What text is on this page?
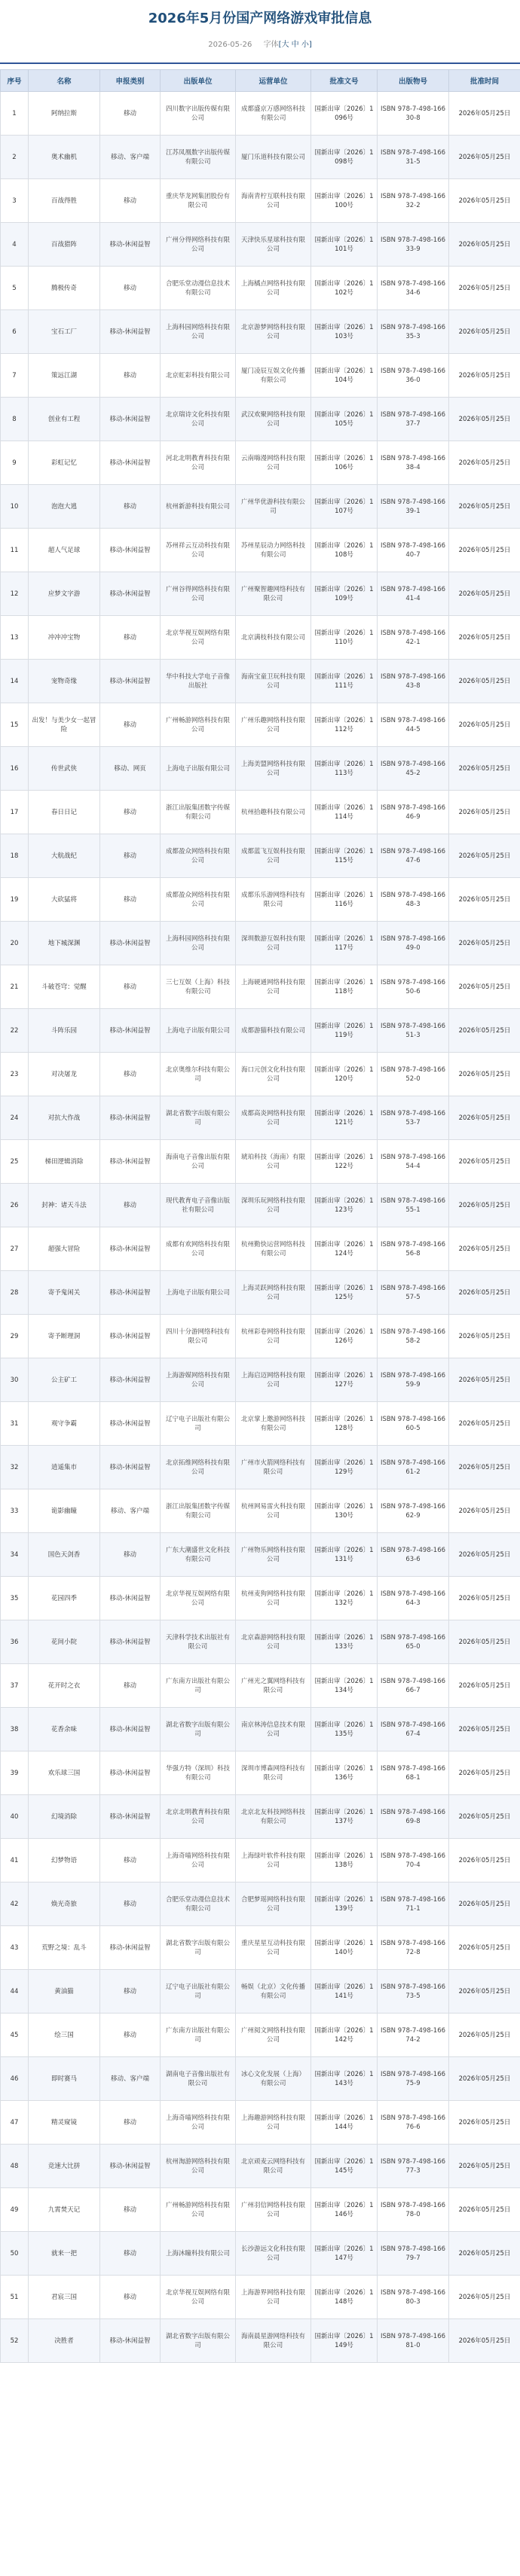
2026年5月份国产网络游戏审批信息
2026-05-26 字体[大 中 小]
序号	名称	申报类别	出版单位	运营单位	批准文号	出版物号	批准时间
1	阿纳拉斯	移动	四川数字出版传媒有限公司	成都盛京万感网络科技有限公司	国新出审〔2026〕1096号	ISBN 978-7-498-16630-8	2026年05月25日
2	奥术幽机	移动、客户端	江苏凤凰数字出版传媒有限公司	厦门乐道科技有限公司	国新出审〔2026〕1098号	ISBN 978-7-498-16631-5	2026年05月25日
3	百战得胜	移动	重庆华龙网集团股份有限公司	海南青柠互联科技有限公司	国新出审〔2026〕1100号	ISBN 978-7-498-16632-2	2026年05月25日
4	百战猎阵	移动-休闲益智	广州分得网络科技有限公司	天津快乐星球科技有限公司	国新出审〔2026〕1101号	ISBN 978-7-498-16633-9	2026年05月25日
5	腾极传奇	移动	合肥乐堂动漫信息技术有限公司	上海橘点网络科技有限公司	国新出审〔2026〕1102号	ISBN 978-7-498-16634-6	2026年05月25日
6	宝石工厂	移动-休闲益智	上海科园网络科技有限公司	北京游梦网络科技有限公司	国新出审〔2026〕1103号	ISBN 978-7-498-16635-3	2026年05月25日
7	策远江湖	移动	北京虹彩科技有限公司	厦门凌辰互娱文化传播有限公司	国新出审〔2026〕1104号	ISBN 978-7-498-16636-0	2026年05月25日
8	创业有工程	移动-休闲益智	北京瑞诗文化科技有限公司	武汉欢聚网络科技有限公司	国新出审〔2026〕1105号	ISBN 978-7-498-16637-7	2026年05月25日
9	彩虹记忆	移动-休闲益智	河北北明教育科技有限公司	云南嗨漫网络科技有限公司	国新出审〔2026〕1106号	ISBN 978-7-498-16638-4	2026年05月25日
10	泡泡大逃	移动	杭州新游科技有限公司	广州华优游科技有限公司	国新出审〔2026〕1107号	ISBN 978-7-498-16639-1	2026年05月25日
11	超人气足球	移动-休闲益智	苏州祥云互动科技有限公司	苏州星辰动力网络科技有限公司	国新出审〔2026〕1108号	ISBN 978-7-498-16640-7	2026年05月25日
12	应梦文字游	移动-休闲益智	广州谷得网络科技有限公司	广州聚智趣网络科技有限公司	国新出审〔2026〕1109号	ISBN 978-7-498-16641-4	2026年05月25日
13	冲冲冲宝物	移动	北京华视互娱网络有限公司	北京满枝科技有限公司	国新出审〔2026〕1110号	ISBN 978-7-498-16642-1	2026年05月25日
14	宠物奇缘	移动-休闲益智	华中科技大学电子音像出版社	海南宝童卫玩科技有限公司	国新出审〔2026〕1111号	ISBN 978-7-498-16643-8	2026年05月25日
15	出发！与美少女一起冒险	移动	广州畅游网络科技有限公司	广州乐趣网络科技有限公司	国新出审〔2026〕1112号	ISBN 978-7-498-16644-5	2026年05月25日
16	传世武侠	移动、网页	上海电子出版有限公司	上海美盟网络科技有限公司	国新出审〔2026〕1113号	ISBN 978-7-498-16645-2	2026年05月25日
17	春日日记	移动	浙江出版集团数字传媒有限公司	杭州拾趣科技有限公司	国新出审〔2026〕1114号	ISBN 978-7-498-16646-9	2026年05月25日
18	大航战纪	移动	成都盈众网络科技有限公司	成都蓝飞互娱科技有限公司	国新出审〔2026〕1115号	ISBN 978-7-498-16647-6	2026年05月25日
19	大砍猛将	移动	成都盈众网络科技有限公司	成都乐乐游网络科技有限公司	国新出审〔2026〕1116号	ISBN 978-7-498-16648-3	2026年05月25日
20	地下城深渊	移动-休闲益智	上海科园网络科技有限公司	深圳数游互娱科技有限公司	国新出审〔2026〕1117号	ISBN 978-7-498-16649-0	2026年05月25日
21	斗破苍穹：觉醒	移动	三七互娱（上海）科技有限公司	上海硬通网络科技有限公司	国新出审〔2026〕1118号	ISBN 978-7-498-16650-6	2026年05月25日
22	斗阵乐园	移动-休闲益智	上海电子出版有限公司	成都游猫科技有限公司	国新出审〔2026〕1119号	ISBN 978-7-498-16651-3	2026年05月25日
23	对决屠龙	移动	北京奥维尔科技有限公司	海口元创文化科技有限公司	国新出审〔2026〕1120号	ISBN 978-7-498-16652-0	2026年05月25日
24	对抗大作战	移动-休闲益智	湖北省数字出版有限公司	成都高炎网络科技有限公司	国新出审〔2026〕1121号	ISBN 978-7-498-16653-7	2026年05月25日
25	梯田逻辑消除	移动-休闲益智	海南电子音像出版有限公司	琥珀科技（海南）有限公司	国新出审〔2026〕1122号	ISBN 978-7-498-16654-4	2026年05月25日
26	封神：诸天斗法	移动	现代教育电子音像出版社有限公司	深圳乐玩网络科技有限公司	国新出审〔2026〕1123号	ISBN 978-7-498-16655-1	2026年05月25日
27	超强大冒险	移动-休闲益智	成都有欢网络科技有限公司	杭州勤快运营网络科技有限公司	国新出审〔2026〕1124号	ISBN 978-7-498-16656-8	2026年05月25日
28	寄予鬼闲关	移动-休闲益智	上海电子出版有限公司	上海灵跃网络科技有限公司	国新出审〔2026〕1125号	ISBN 978-7-498-16657-5	2026年05月25日
29	寄予断理洞	移动-休闲益智	四川十分游网络科技有限公司	杭州彩卷网络科技有限公司	国新出审〔2026〕1126号	ISBN 978-7-498-16658-2	2026年05月25日
30	公主矿工	移动-休闲益智	上海游媒网络科技有限公司	上海启迈网络科技有限公司	国新出审〔2026〕1127号	ISBN 978-7-498-16659-9	2026年05月25日
31	观守争霸	移动-休闲益智	辽宁电子出版社有限公司	北京掌上邀游网络科技有限公司	国新出审〔2026〕1128号	ISBN 978-7-498-16660-5	2026年05月25日
32	逍遥集市	移动-休闲益智	北京拓维网络科技有限公司	广州市火箭网络科技有限公司	国新出审〔2026〕1129号	ISBN 978-7-498-16661-2	2026年05月25日
33	诡影幽瞳	移动、客户端	浙江出版集团数字传媒有限公司	杭州网易雷火科技有限公司	国新出审〔2026〕1130号	ISBN 978-7-498-16662-9	2026年05月25日
34	国色天剑香	移动	广东大潮盛世文化科技有限公司	广州物乐网络科技有限公司	国新出审〔2026〕1131号	ISBN 978-7-498-16663-6	2026年05月25日
35	花园四季	移动-休闲益智	北京华视互娱网络有限公司	杭州麦狗网络科技有限公司	国新出审〔2026〕1132号	ISBN 978-7-498-16664-3	2026年05月25日
36	花间小院	移动-休闲益智	天津科学技术出版社有限公司	北京森游网络科技有限公司	国新出审〔2026〕1133号	ISBN 978-7-498-16665-0	2026年05月25日
37	花开时之衣	移动	广东南方出版社有限公司	广州光之翼网络科技有限公司	国新出审〔2026〕1134号	ISBN 978-7-498-16666-7	2026年05月25日
38	花香余味	移动-休闲益智	湖北省数字出版有限公司	南京林涛信息技术有限公司	国新出审〔2026〕1135号	ISBN 978-7-498-16667-4	2026年05月25日
39	欢乐球三国	移动-休闲益智	华强方特（深圳）科技有限公司	深圳市博森网络科技有限公司	国新出审〔2026〕1136号	ISBN 978-7-498-16668-1	2026年05月25日
40	幻境消除	移动-休闲益智	北京北明教育科技有限公司	北京北友科技网络科技有限公司	国新出审〔2026〕1137号	ISBN 978-7-498-16669-8	2026年05月25日
41	幻梦物语	移动	上海奇喵网络科技有限公司	上海绿叶软件科技有限公司	国新出审〔2026〕1138号	ISBN 978-7-498-16670-4	2026年05月25日
42	焕光奇旅	移动	合肥乐堂动漫信息技术有限公司	合肥梦瑶网络科技有限公司	国新出审〔2026〕1139号	ISBN 978-7-498-16671-1	2026年05月25日
43	荒野之境：乱斗	移动-休闲益智	湖北省数字出版有限公司	重庆星星互动科技有限公司	国新出审〔2026〕1140号	ISBN 978-7-498-16672-8	2026年05月25日
44	黄油猫	移动	辽宁电子出版社有限公司	畅娱（北京）文化传播有限公司	国新出审〔2026〕1141号	ISBN 978-7-498-16673-5	2026年05月25日
45	绘三国	移动	广东南方出版社有限公司	广州阅文网络科技有限公司	国新出审〔2026〕1142号	ISBN 978-7-498-16674-2	2026年05月25日
46	即时赛马	移动、客户端	湖南电子音像出版社有限公司	冰心文化发展（上海）有限公司	国新出审〔2026〕1143号	ISBN 978-7-498-16675-9	2026年05月25日
47	精灵窥镜	移动	上海奇喵网络科技有限公司	上海趣游网络科技有限公司	国新出审〔2026〕1144号	ISBN 978-7-498-16676-6	2026年05月25日
48	竞速大比拼	移动-休闲益智	杭州淘游网络科技有限公司	北京顽麦云网络科技有限公司	国新出审〔2026〕1145号	ISBN 978-7-498-16677-3	2026年05月25日
49	九霄焚天记	移动	广州畅游网络科技有限公司	广州羽信网络科技有限公司	国新出审〔2026〕1146号	ISBN 978-7-498-16678-0	2026年05月25日
50	就来一把	移动	上海沐瞳科技有限公司	长沙游远文化科技有限公司	国新出审〔2026〕1147号	ISBN 978-7-498-16679-7	2026年05月25日
51	君宸三国	移动	北京华视互娱网络有限公司	上海游界网络科技有限公司	国新出审〔2026〕1148号	ISBN 978-7-498-16680-3	2026年05月25日
52	决胜者	移动-休闲益智	湖北省数字出版有限公司	海南晨星游网络科技有限公司	国新出审〔2026〕1149号	ISBN 978-7-498-16681-0	2026年05月25日
